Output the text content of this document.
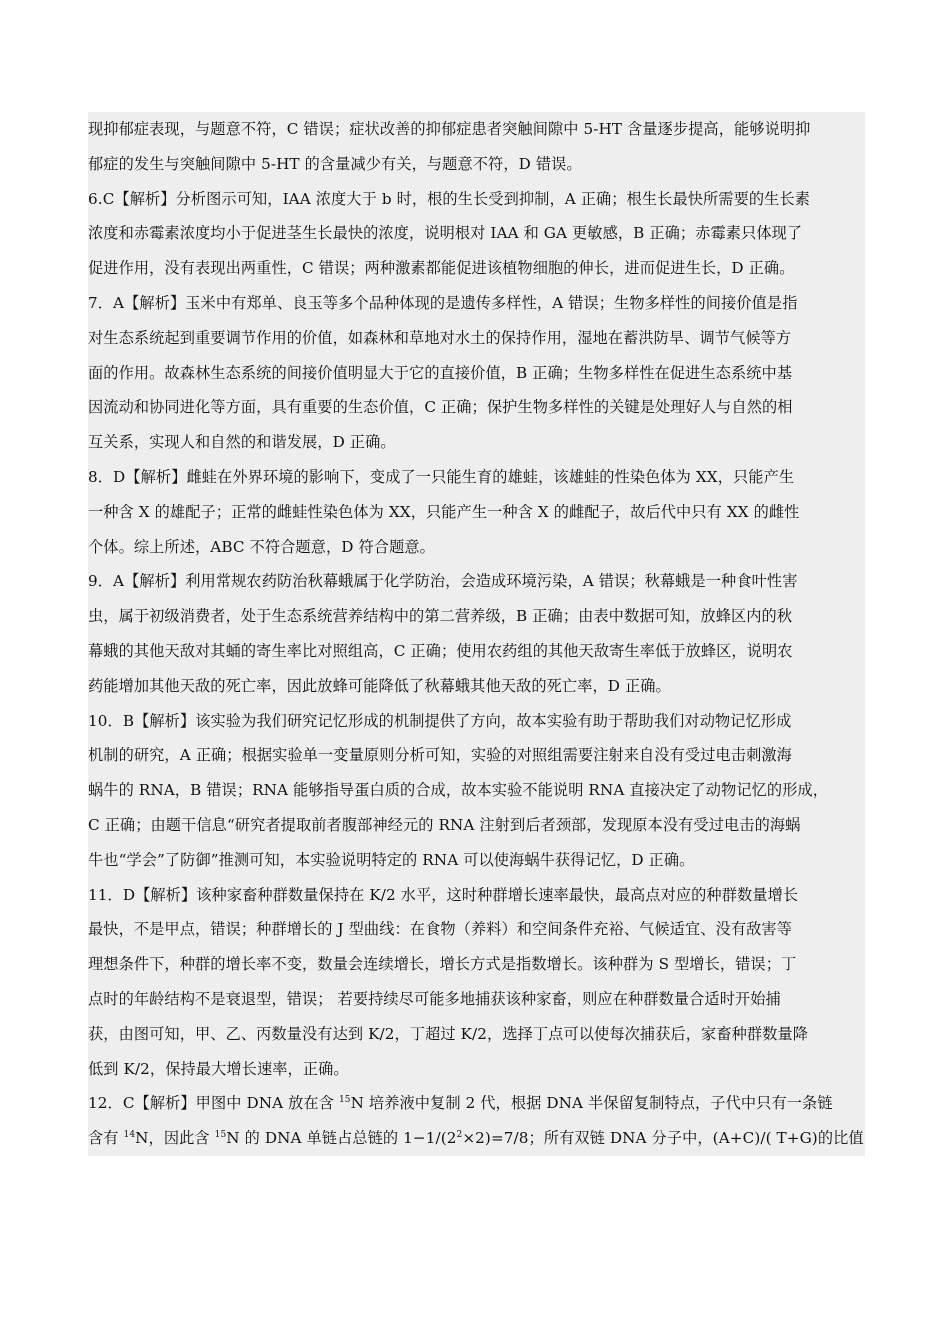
现抑郁症表现，与题意不符，C 错误；症状改善的抑郁症患者突触间隙中 5-HT 含量逐步提高，能够说明抑
郁症的发生与突触间隙中 5-HT 的含量减少有关，与题意不符，D 错误。
6.C【解析】分析图示可知，IAA 浓度大于 b 时，根的生长受到抑制，A 正确；根生长最快所需要的生长素
浓度和赤霉素浓度均小于促进茎生长最快的浓度，说明根对 IAA 和 GA 更敏感，B 正确；赤霉素只体现了
促进作用，没有表现出两重性，C 错误；两种激素都能促进该植物细胞的伸长，进而促进生长，D 正确。
7．A【解析】玉米中有郑单、良玉等多个品种体现的是遗传多样性，A 错误；生物多样性的间接价值是指
对生态系统起到重要调节作用的价值，如森林和草地对水土的保持作用，湿地在蓄洪防旱、调节气候等方
面的作用。故森林生态系统的间接价值明显大于它的直接价值，B 正确；生物多样性在促进生态系统中基
因流动和协同进化等方面，具有重要的生态价值，C 正确；保护生物多样性的关键是处理好人与自然的相
互关系，实现人和自然的和谐发展，D 正确。
8．D【解析】雌蛙在外界环境的影响下，变成了一只能生育的雄蛙，该雄蛙的性染色体为 XX，只能产生
一种含 X 的雄配子；正常的雌蛙性染色体为 XX，只能产生一种含 X 的雌配子，故后代中只有 XX 的雌性
个体。综上所述，ABC 不符合题意，D 符合题意。
9．A【解析】利用常规农药防治秋幕蛾属于化学防治，会造成环境污染，A 错误；秋幕蛾是一种食叶性害
虫，属于初级消费者，处于生态系统营养结构中的第二营养级，B 正确；由表中数据可知，放蜂区内的秋
幕蛾的其他天敌对其蛹的寄生率比对照组高，C 正确；使用农药组的其他天敌寄生率低于放蜂区，说明农
药能增加其他天敌的死亡率，因此放蜂可能降低了秋幕蛾其他天敌的死亡率，D 正确。
10．B【解析】该实验为我们研究记忆形成的机制提供了方向，故本实验有助于帮助我们对动物记忆形成
机制的研究，A 正确；根据实验单一变量原则分析可知，实验的对照组需要注射来自没有受过电击刺激海
蜗牛的 RNA，B 错误；RNA 能够指导蛋白质的合成，故本实验不能说明 RNA 直接决定了动物记忆的形成，
C 正确；由题干信息“研究者提取前者腹部神经元的 RNA 注射到后者颈部，发现原本没有受过电击的海蜗
牛也“学会”了防御”推测可知，本实验说明特定的 RNA 可以使海蜗牛获得记忆，D 正确。
11．D【解析】该种家畜种群数量保持在 K/2 水平，这时种群增长速率最快，最高点对应的种群数量增长
最快，不是甲点，错误；种群增长的 J 型曲线：在食物（养料）和空间条件充裕、气候适宜、没有敌害等
理想条件下，种群的增长率不变，数量会连续增长，增长方式是指数增长。该种群为 S 型增长，错误；丁
点时的年龄结构不是衰退型，错误； 若要持续尽可能多地捕获该种家畜，则应在种群数量合适时开始捕
获，由图可知，甲、乙、丙数量没有达到 K/2，丁超过 K/2，选择丁点可以使每次捕获后，家畜种群数量降
低到 K/2，保持最大增长速率，正确。
12．C【解析】甲图中 DNA 放在含 $^{15}$N 培养液中复制 2 代，根据 DNA 半保留复制特点，子代中只有一条链
含有 $^{14}$N，因此含 $^{15}$N 的 DNA 单链占总链的 $1-1/(2^2\times 2)=7/8$；所有双链 DNA 分子中，(A+C)/( T+G)的比值
